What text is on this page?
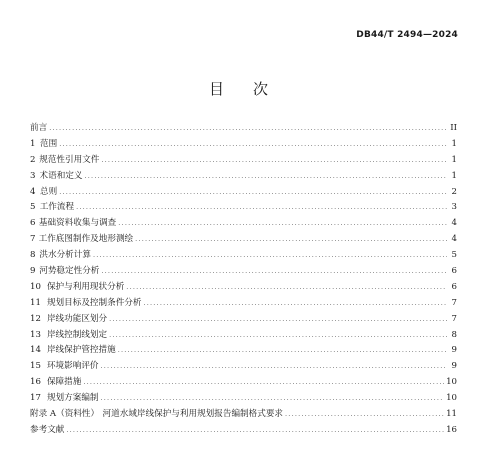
DB44/T 2494—2024
目 次
前言 .....	II
1 范围 .....	1
2 规范性引用文件 .....	1
3 术语和定义 .....	1
4 总则 .....	2
5 工作流程 .....	3
6 基础资料收集与调查 .....	4
7 工作底图制作及地形测绘 .....	4
8 洪水分析计算 .....	5
9 河势稳定性分析 .....	6
10 保护与利用现状分析 .....	6
11 规划目标及控制条件分析 .....	7
12 岸线功能区划分 .....	7
13 岸线控制线划定 .....	8
14 岸线保护管控措施 .....	9
15 环境影响评价 .....	9
16 保障措施 .....	10
17 规划方案编制 .....	10
附录 A（资料性） 河道水域岸线保护与利用规划报告编制格式要求 .....	11
参考文献 .....	16
